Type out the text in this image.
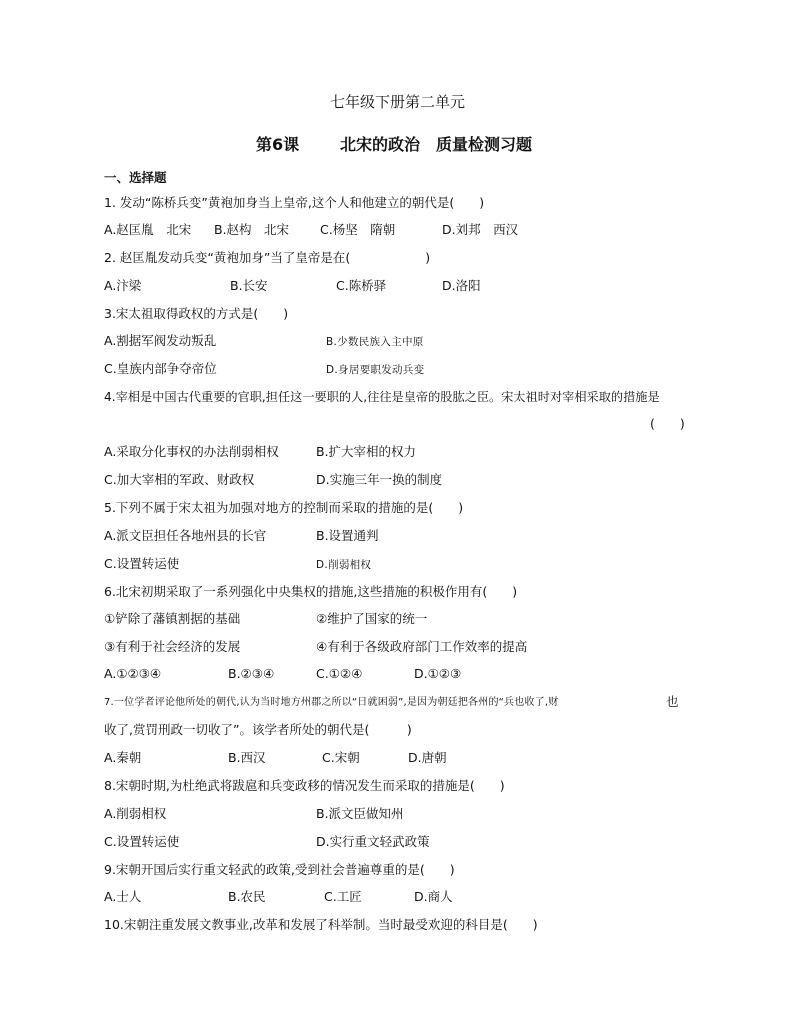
七年级下册第二单元
第6课	北宋的政治　质量检测习题
一、选择题
1. 发动“陈桥兵变”黄袍加身当上皇帝,这个人和他建立的朝代是(　　)
A.赵匡胤　北宋 B.赵构　北宋 C.杨坚　隋朝	D.刘邦　西汉
2. 赵匡胤发动兵变“黄袍加身”当了皇帝是在(　　　　　　)
A.汴梁	B.长安	C.陈桥驿	D.洛阳
3.宋太祖取得政权的方式是(　　)
A.割据军阀发动叛乱	B.少数民族入主中原
C.皇族内部争夺帝位	D.身居要职发动兵变
4.宰相是中国古代重要的官职,担任这一要职的人,往往是皇帝的股肱之臣。宋太祖时对宰相采取的措施是
(　　)
A.采取分化事权的办法削弱相权	B.扩大宰相的权力
C.加大宰相的军政、财政权	D.实施三年一换的制度
5.下列不属于宋太祖为加强对地方的控制而采取的措施的是(　　)
A.派文臣担任各地州县的长官	B.设置通判
C.设置转运使	D.削弱相权
6.北宋初期采取了一系列强化中央集权的措施,这些措施的积极作用有(　　)
①铲除了藩镇割据的基础	②维护了国家的统一
③有利于社会经济的发展	④有利于各级政府部门工作效率的提高
A.①②③④	B.②③④	C.①②④	D.①②③
7.一位学者评论他所处的朝代,认为当时地方州郡之所以“日就困弱”,是因为朝廷把各州的“兵也收了,财	也
收了,赏罚刑政一切收了”。该学者所处的朝代是(　　　)
A.秦朝	B.西汉	C.宋朝	D.唐朝
8.宋朝时期,为杜绝武将跋扈和兵变政移的情况发生而采取的措施是(　　)
A.削弱相权	B.派文臣做知州
C.设置转运使	D.实行重文轻武政策
9.宋朝开国后实行重文轻武的政策,受到社会普遍尊重的是(　　)
A.士人	B.农民	C.工匠	D.商人
10.宋朝注重发展文教事业,改革和发展了科举制。当时最受欢迎的科目是(　　)
